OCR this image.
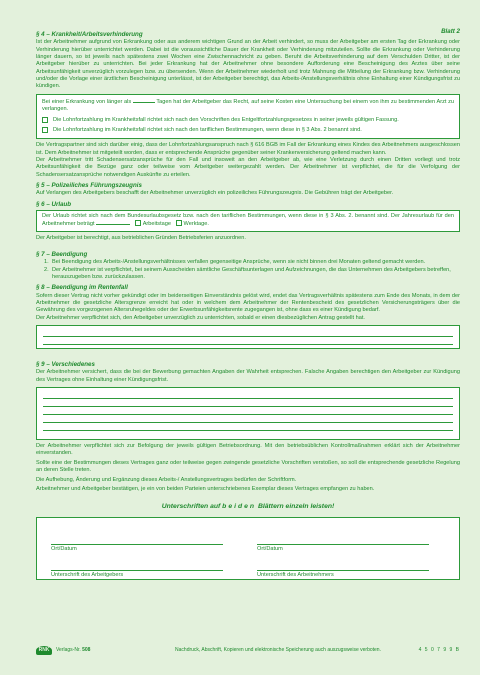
Blatt 2
§ 4 – Krankheit/Arbeitsverhinderung

Ist der Arbeitnehmer aufgrund von Erkrankung oder aus anderem wichtigen Grund an der Arbeit verhindert, so muss der Arbeitgeber am ersten Tag der Erkrankung oder Verhinderung hierüber unterrichtet werden. Dabei ist die voraussichtliche Dauer der Krankheit oder Verhinderung mitzuteilen. Sollte die Erkrankung oder Verhinderung länger dauern, so ist jeweils nach spätestens zwei Wochen eine Zwischennachricht zu geben. Beruht die Arbeitsverhinderung auf dem Verschulden Dritter, ist der Arbeitgeber hierüber zu unterrichten. Bei jeder Erkrankung hat der Arbeitnehmer ohne besondere Aufforderung eine Bescheinigung des Arztes über seine Arbeitsunfähigkeit unverzüglich vorzulegen bzw. zu übersenden. Wenn der Arbeitnehmer wiederholt und trotz Mahnung die Mitteilung der Erkrankung bzw. Verhinderung und/oder die Vorlage einer ärztlichen Bescheinigung unterlässt, ist der Arbeitgeber berechtigt, das Arbeits-/Anstellungsverhältnis ohne Einhaltung einer Kündigungsfrist zu kündigen.

Bei einer Erkrankung von länger als	Tagen hat der Arbeitgeber das Recht, auf seine Kosten eine Untersuchung bei einem von ihm zu bestimmenden Arzt zu verlangen.

Die Lohnfortzahlung im Krankheitsfall richtet sich nach den Vorschriften des Entgeltfortzahlungsgesetzes in seiner jeweils gültigen Fassung.
Die Lohnfortzahlung im Krankheitsfall richtet sich nach den tariflichen Bestimmungen, wenn diese in § 3 Abs. 2 benannt sind.

Die Vertragspartner sind sich darüber einig, dass der Lohnfortzahlungsanspruch nach § 616 BGB im Fall der Erkrankung eines Kindes des Arbeitnehmers ausgeschlossen ist. Dem Arbeitnehmer ist mitgeteilt worden, dass er entsprechende Ansprüche gegenüber seiner Krankenversicherung geltend machen kann.

Der Arbeitnehmer tritt Schadensersatzansprüche für den Fall und insoweit an den Arbeitgeber ab, wie eine Verletzung durch einen Dritten vorliegt und trotz Arbeitsunfähigkeit die Bezüge ganz oder teilweise vom Arbeitgeber weitergezahlt werden. Der Arbeitnehmer ist verpflichtet, die für die Verfolgung der Schadensersatzansprüche notwendigen Auskünfte zu erteilen.

§ 5 – Polizeiliches Führungszeugnis

Auf Verlangen des Arbeitgebers beschafft der Arbeitnehmer unverzüglich ein polizeiliches Führungszeugnis. Die Gebühren trägt der Arbeitgeber.

§ 6 – Urlaub

Der Urlaub richtet sich nach dem Bundesurlaubsgesetz bzw. nach den tariflichen Bestimmungen, wenn diese in § 3 Abs. 2. benannt sind. Der Jahresurlaub für den Arbeitnehmer beträgt	Arbeitstage Werktage.

Der Arbeitgeber ist berechtigt, aus betrieblichen Gründen Betriebsferien anzuordnen.

§ 7 – Beendigung
1. Bei Beendigung des Arbeits-/Anstellungsverhältnisses verfallen gegenseitige Ansprüche, wenn sie nicht binnen drei Monaten geltend gemacht werden.
2. Der Arbeitnehmer ist verpflichtet, bei seinem Ausscheiden sämtliche Geschäftsunterlagen und Aufzeichnungen, die das Unternehmen des Arbeitgebers betreffen, herauszugeben bzw. zurückzulassen.
§ 8 – Beendigung im Rentenfall

Sofern dieser Vertrag nicht vorher gekündigt oder im beiderseitigen Einverständnis gelöst wird, endet das Vertragsverhältnis spätestens zum Ende des Monats, in dem der Arbeitnehmer die gesetzliche Altersgrenze erreicht hat oder in welchem dem Arbeitnehmer der Rentenbescheid des gesetzlichen Versicherungsträgers über die Gewährung des vorgezogenen Altersruhegeldes oder der Erwerbsunfähigkeitsrente zugegangen ist, ohne dass es einer Kündigung bedarf.

Der Arbeitnehmer verpflichtet sich, den Arbeitgeber unverzüglich zu unterrichten, sobald er einen diesbezüglichen Antrag gestellt hat.

§ 9 – Verschiedenes

Der Arbeitnehmer versichert, dass die bei der Bewerbung gemachten Angaben der Wahrheit entsprechen. Falsche Angaben berechtigen den Arbeitgeber zur Kündigung des Vertrages ohne Einhaltung einer Kündigungsfrist.

Der Arbeitnehmer verpflichtet sich zur Befolgung der jeweils gültigen Betriebsordnung. Mit den betriebsüblichen Kontrollmaßnahmen erklärt sich der Arbeitnehmer einverstanden.

Sollte eine der Bestimmungen dieses Vertrages ganz oder teilweise gegen zwingende gesetzliche Vorschriften verstoßen, so soll die entsprechende gesetzliche Regelung an deren Stelle treten.

Die Aufhebung, Änderung und Ergänzung dieses Arbeits-/ Anstellungsvertrages bedürfen der Schriftform.

Arbeitnehmer und Arbeitgeber bestätigen, je ein von beiden Parteien unterschriebenes Exemplar dieses Vertrages empfangen zu haben.

Unterschriften auf beiden Blättern einzeln leisten!
Ort/Datum	Ort/Datum
Unterschrift des Arbeitgebers	Unterschrift des Arbeitnehmers
RNK	Verlags-Nr. 508	Nachdruck, Abschrift, Kopieren und elektronische Speicherung auch auszugsweise verboten.	4 5 0 7 9 9 B
